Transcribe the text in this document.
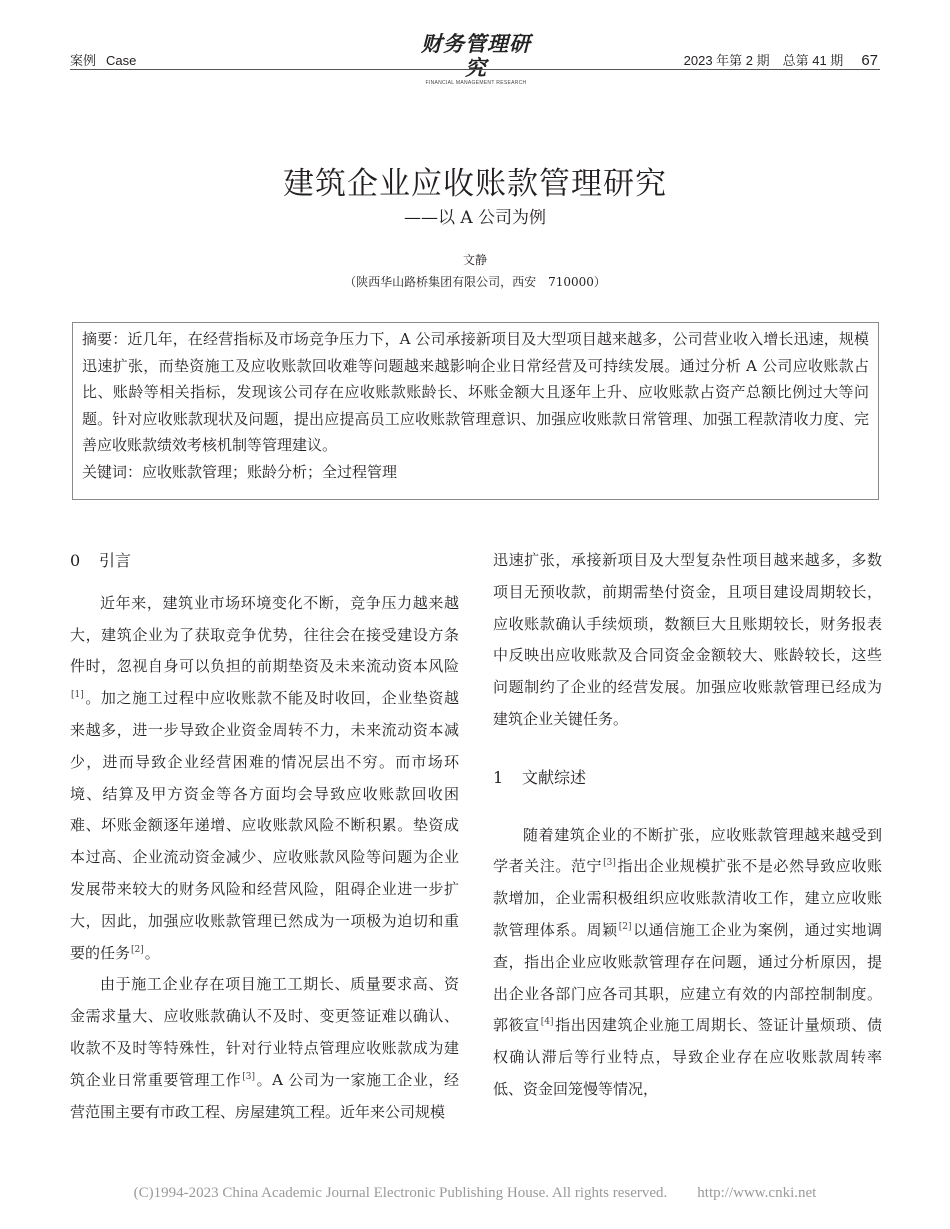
案例 Case
财务管理研究
FINANCIAL MANAGEMENT RESEARCH
2023 年第 2 期　总第 41 期 67
建筑企业应收账款管理研究
——以 A 公司为例
文静
（陕西华山路桥集团有限公司，西安　710000）

摘要：近几年，在经营指标及市场竞争压力下，A 公司承接新项目及大型项目越来越多，公司营业收入增长迅速，规模迅速扩张，而垫资施工及应收账款回收难等问题越来越影响企业日常经营及可持续发展。通过分析 A 公司应收账款占比、账龄等相关指标，发现该公司存在应收账款账龄长、坏账金额大且逐年上升、应收账款占资产总额比例过大等问题。针对应收账款现状及问题，提出应提高员工应收账款管理意识、加强应收账款日常管理、加强工程款清收力度、完善应收账款绩效考核机制等管理建议。

关键词：应收账款管理；账龄分析；全过程管理

0 引言

近年来，建筑业市场环境变化不断，竞争压力越来越大，建筑企业为了获取竞争优势，往往会在接受建设方条件时，忽视自身可以负担的前期垫资及未来流动资本风险[1]。加之施工过程中应收账款不能及时收回，企业垫资越来越多，进一步导致企业资金周转不力，未来流动资本减少，进而导致企业经营困难的情况层出不穷。而市场环境、结算及甲方资金等各方面均会导致应收账款回收困难、坏账金额逐年递增、应收账款风险不断积累。垫资成本过高、企业流动资金减少、应收账款风险等问题为企业发展带来较大的财务风险和经营风险，阻碍企业进一步扩大，因此，加强应收账款管理已然成为一项极为迫切和重要的任务[2]。

由于施工企业存在项目施工工期长、质量要求高、资金需求量大、应收账款确认不及时、变更签证难以确认、收款不及时等特殊性，针对行业特点管理应收账款成为建筑企业日常重要管理工作[3]。A 公司为一家施工企业，经营范围主要有市政工程、房屋建筑工程。近年来公司规模

迅速扩张，承接新项目及大型复杂性项目越来越多，多数项目无预收款，前期需垫付资金，且项目建设周期较长，应收账款确认手续烦琐，数额巨大且账期较长，财务报表中反映出应收账款及合同资金金额较大、账龄较长，这些问题制约了企业的经营发展。加强应收账款管理已经成为建筑企业关键任务。

1 文献综述

随着建筑企业的不断扩张，应收账款管理越来越受到学者关注。范宁[3]指出企业规模扩张不是必然导致应收账款增加，企业需积极组织应收账款清收工作，建立应收账款管理体系。周颖[2]以通信施工企业为案例，通过实地调查，指出企业应收账款管理存在问题，通过分析原因，提出企业各部门应各司其职，应建立有效的内部控制制度。郭筱宣[4]指出因建筑企业施工周期长、签证计量烦琐、债权确认滞后等行业特点，导致企业存在应收账款周转率低、资金回笼慢等情况，

(C)1994-2023 China Academic Journal Electronic Publishing House. All rights reserved.　　http://www.cnki.net
